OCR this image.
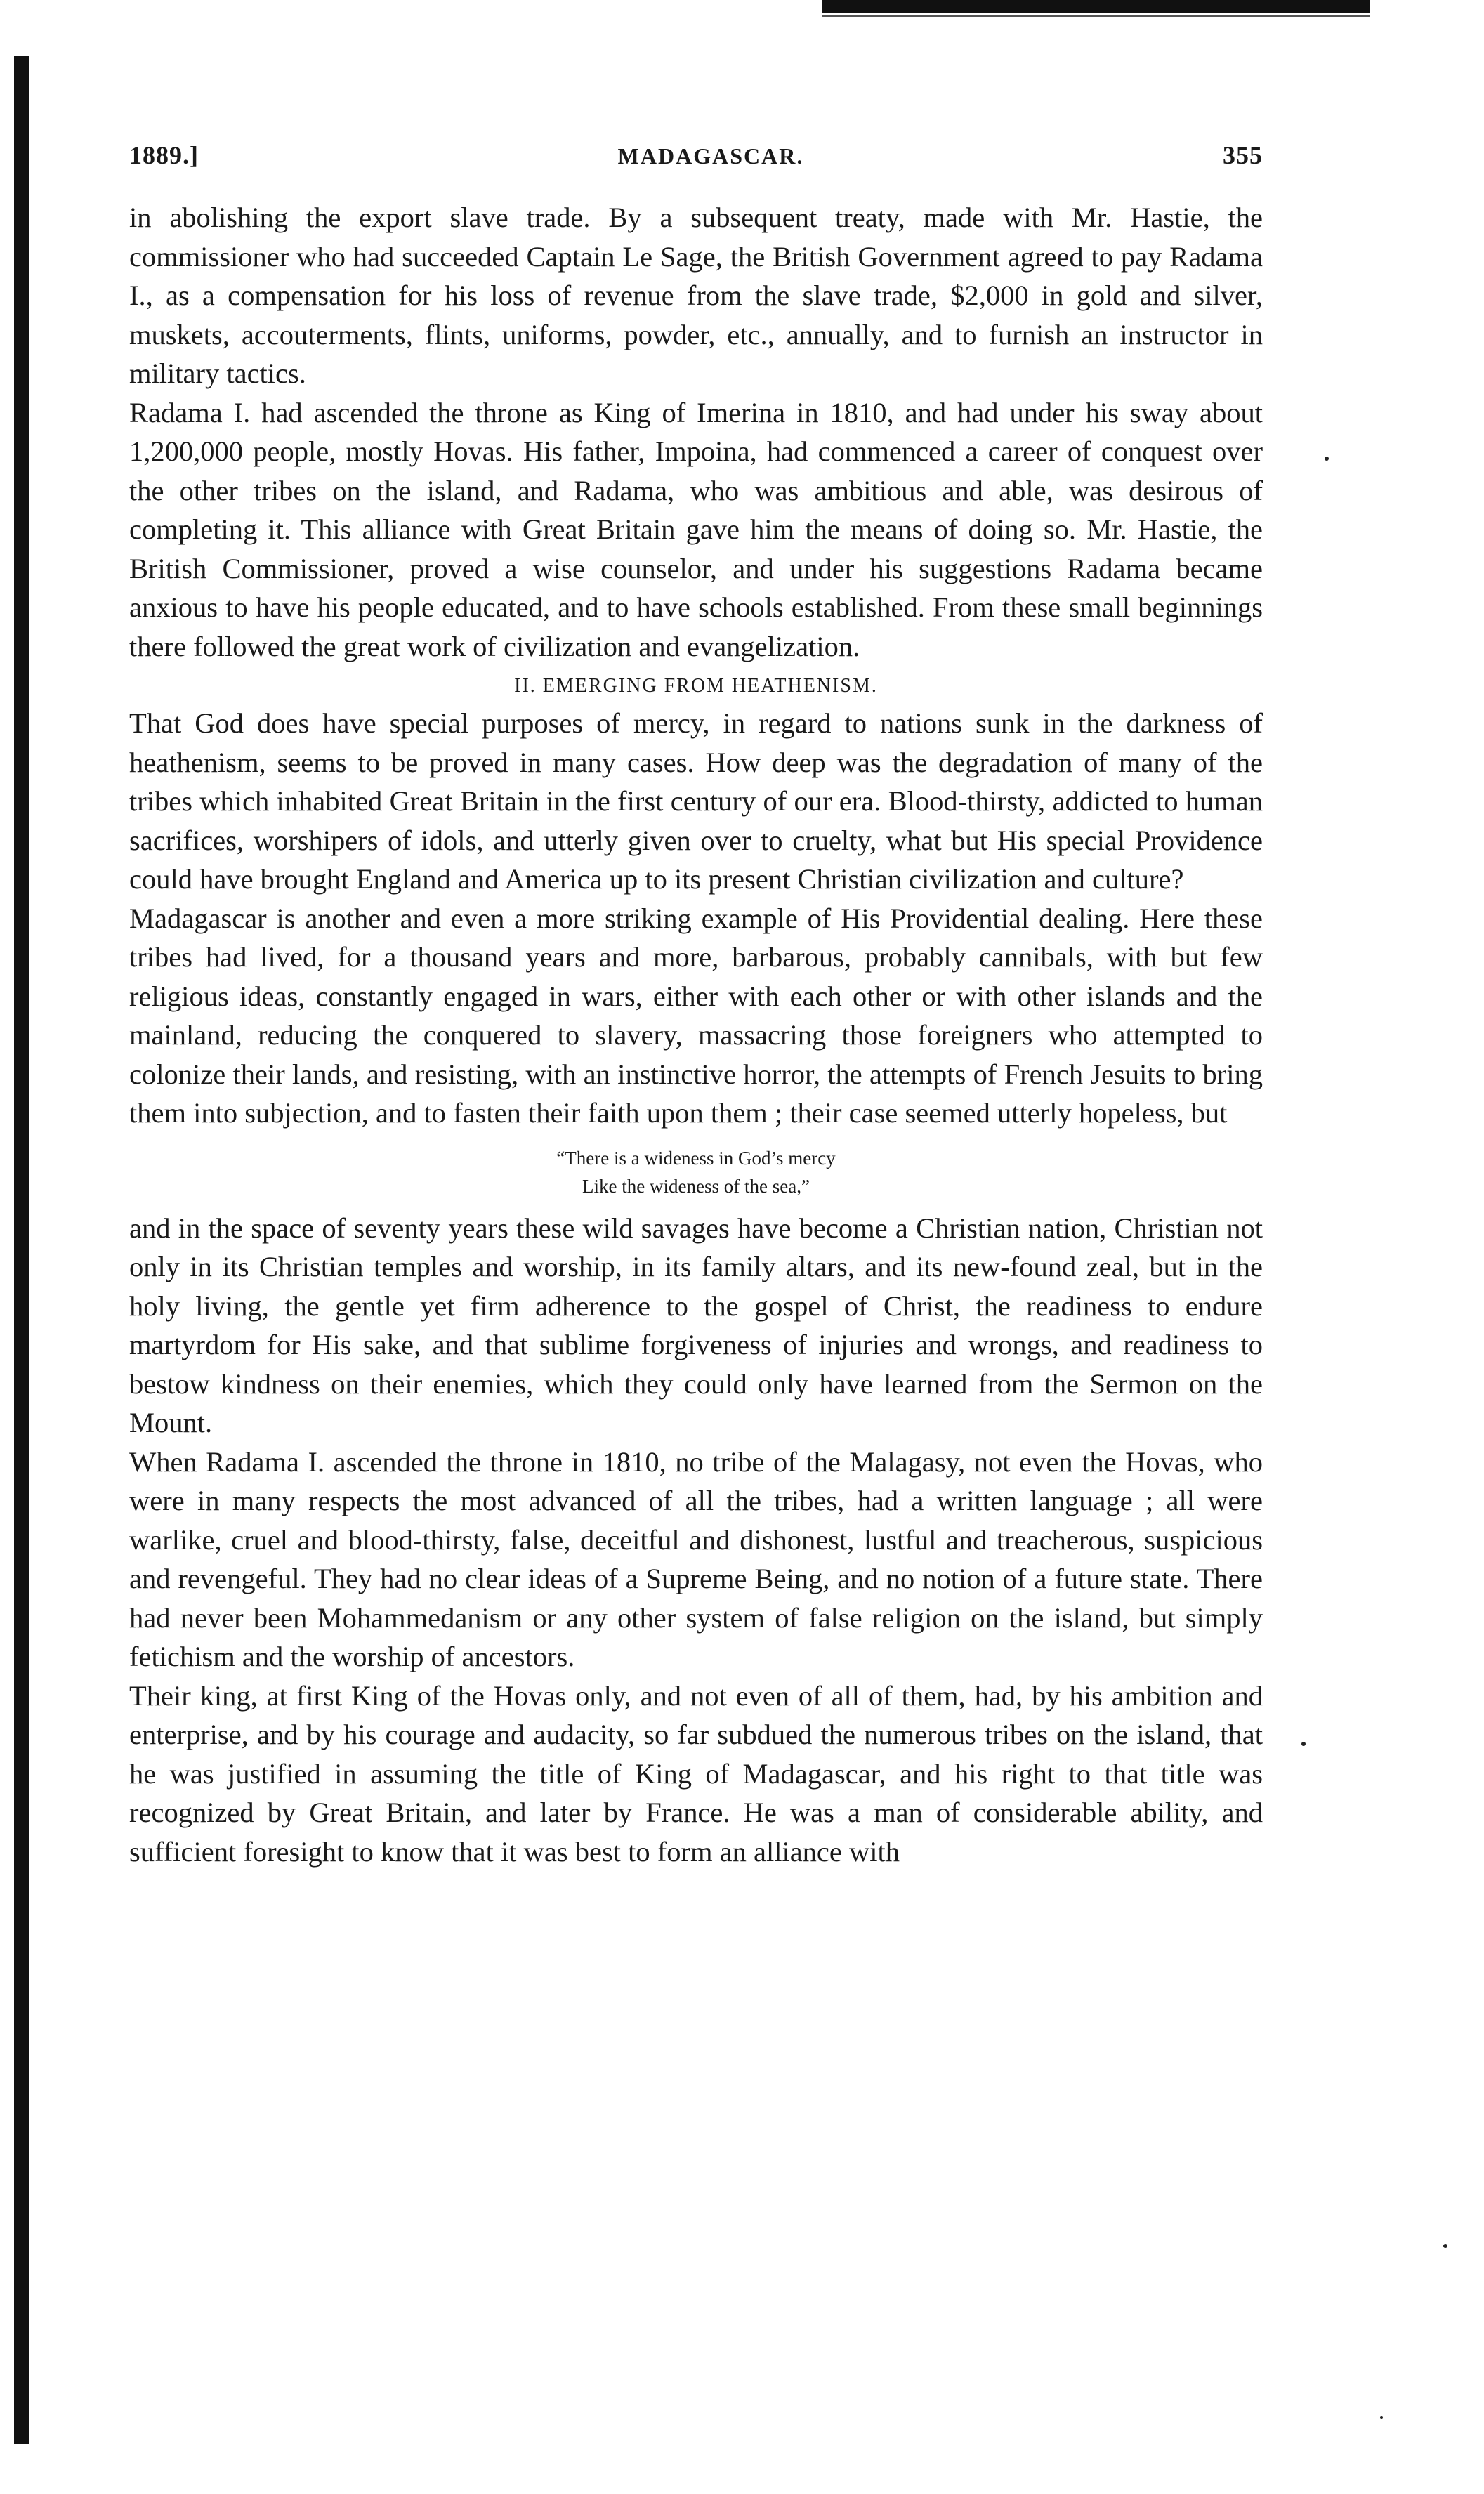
1889.]	MADAGASCAR.	355

in abolishing the export slave trade. By a subsequent treaty, made with Mr. Hastie, the commissioner who had succeeded Captain Le Sage, the British Government agreed to pay Radama I., as a compensation for his loss of revenue from the slave trade, $2,000 in gold and silver, muskets, accouterments, flints, uniforms, powder, etc., annually, and to furnish an instructor in military tactics.

Radama I. had ascended the throne as King of Imerina in 1810, and had under his sway about 1,200,000 people, mostly Hovas. His father, Impoina, had commenced a career of conquest over the other tribes on the island, and Radama, who was ambitious and able, was desirous of completing it. This alliance with Great Britain gave him the means of doing so. Mr. Hastie, the British Commissioner, proved a wise counselor, and under his suggestions Radama became anxious to have his people educated, and to have schools established. From these small beginnings there followed the great work of civilization and evangelization.

II. EMERGING FROM HEATHENISM.

That God does have special purposes of mercy, in regard to nations sunk in the darkness of heathenism, seems to be proved in many cases. How deep was the degradation of many of the tribes which inhabited Great Britain in the first century of our era. Blood-thirsty, addicted to human sacrifices, worshipers of idols, and utterly given over to cruelty, what but His special Providence could have brought England and America up to its present Christian civilization and culture?

Madagascar is another and even a more striking example of His Providential dealing. Here these tribes had lived, for a thousand years and more, barbarous, probably cannibals, with but few religious ideas, constantly engaged in wars, either with each other or with other islands and the mainland, reducing the conquered to slavery, massacring those foreigners who attempted to colonize their lands, and resisting, with an instinctive horror, the attempts of French Jesuits to bring them into subjection, and to fasten their faith upon them ; their case seemed utterly hopeless, but

“There is a wideness in God’s mercy
Like the wideness of the sea,”

and in the space of seventy years these wild savages have become a Christian nation, Christian not only in its Christian temples and worship, in its family altars, and its new-found zeal, but in the holy living, the gentle yet firm adherence to the gospel of Christ, the readiness to endure martyrdom for His sake, and that sublime forgiveness of injuries and wrongs, and readiness to bestow kindness on their enemies, which they could only have learned from the Sermon on the Mount.

When Radama I. ascended the throne in 1810, no tribe of the Malagasy, not even the Hovas, who were in many respects the most advanced of all the tribes, had a written language ; all were warlike, cruel and blood-thirsty, false, deceitful and dishonest, lustful and treacherous, suspicious and revengeful. They had no clear ideas of a Supreme Being, and no notion of a future state. There had never been Mohammedanism or any other system of false religion on the island, but simply fetichism and the worship of ancestors.

Their king, at first King of the Hovas only, and not even of all of them, had, by his ambition and enterprise, and by his courage and audacity, so far subdued the numerous tribes on the island, that he was justified in assuming the title of King of Madagascar, and his right to that title was recognized by Great Britain, and later by France. He was a man of considerable ability, and sufficient foresight to know that it was best to form an alliance with
